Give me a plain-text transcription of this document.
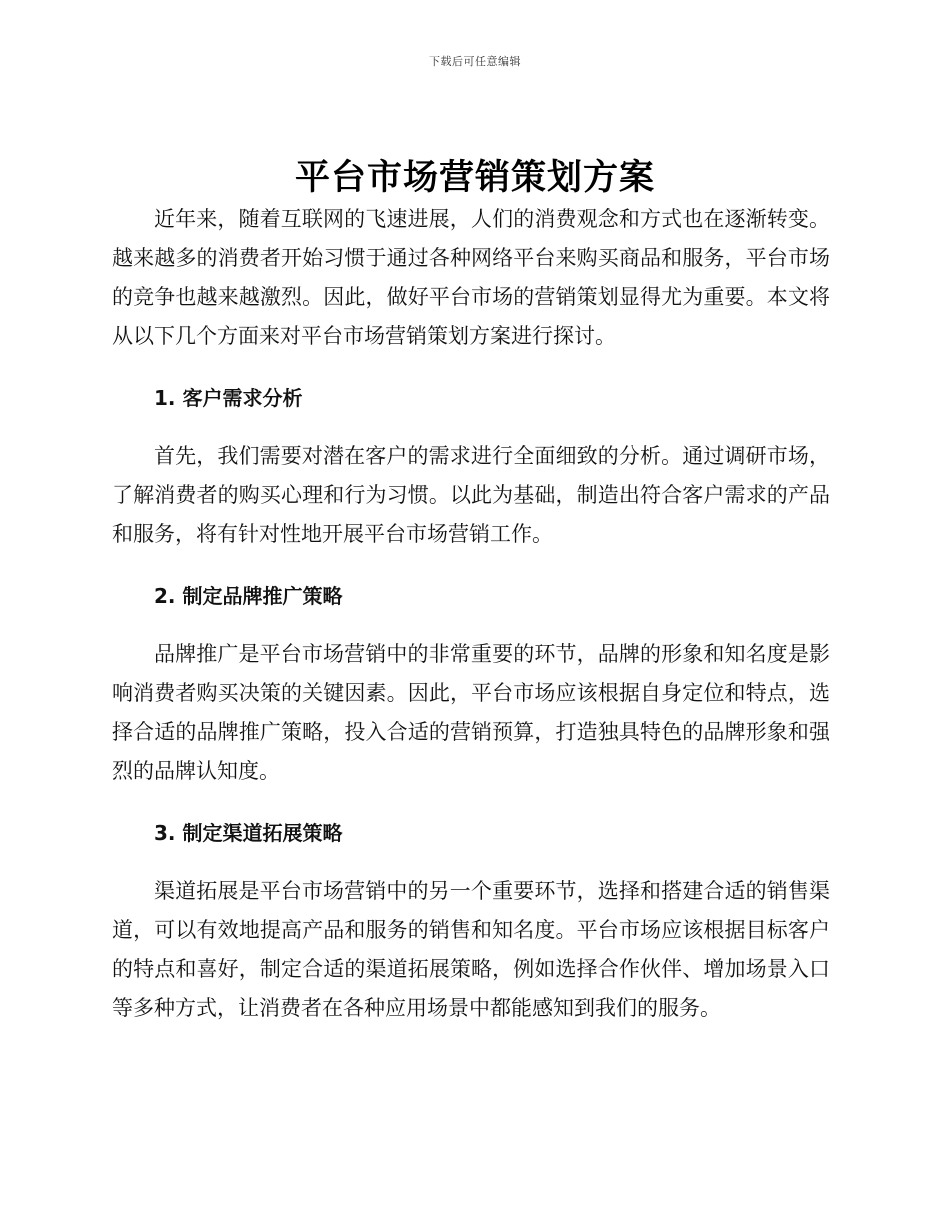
下载后可任意编辑
平台市场营销策划方案

近年来，随着互联网的飞速进展，人们的消费观念和方式也在逐渐转变。越来越多的消费者开始习惯于通过各种网络平台来购买商品和服务，平台市场的竞争也越来越激烈。因此，做好平台市场的营销策划显得尤为重要。本文将从以下几个方面来对平台市场营销策划方案进行探讨。

1. 客户需求分析

首先，我们需要对潜在客户的需求进行全面细致的分析。通过调研市场，了解消费者的购买心理和行为习惯。以此为基础，制造出符合客户需求的产品和服务，将有针对性地开展平台市场营销工作。

2. 制定品牌推广策略

品牌推广是平台市场营销中的非常重要的环节，品牌的形象和知名度是影响消费者购买决策的关键因素。因此，平台市场应该根据自身定位和特点，选择合适的品牌推广策略，投入合适的营销预算，打造独具特色的品牌形象和强烈的品牌认知度。

3. 制定渠道拓展策略

渠道拓展是平台市场营销中的另一个重要环节，选择和搭建合适的销售渠道，可以有效地提高产品和服务的销售和知名度。平台市场应该根据目标客户的特点和喜好，制定合适的渠道拓展策略，例如选择合作伙伴、增加场景入口等多种方式，让消费者在各种应用场景中都能感知到我们的服务。
